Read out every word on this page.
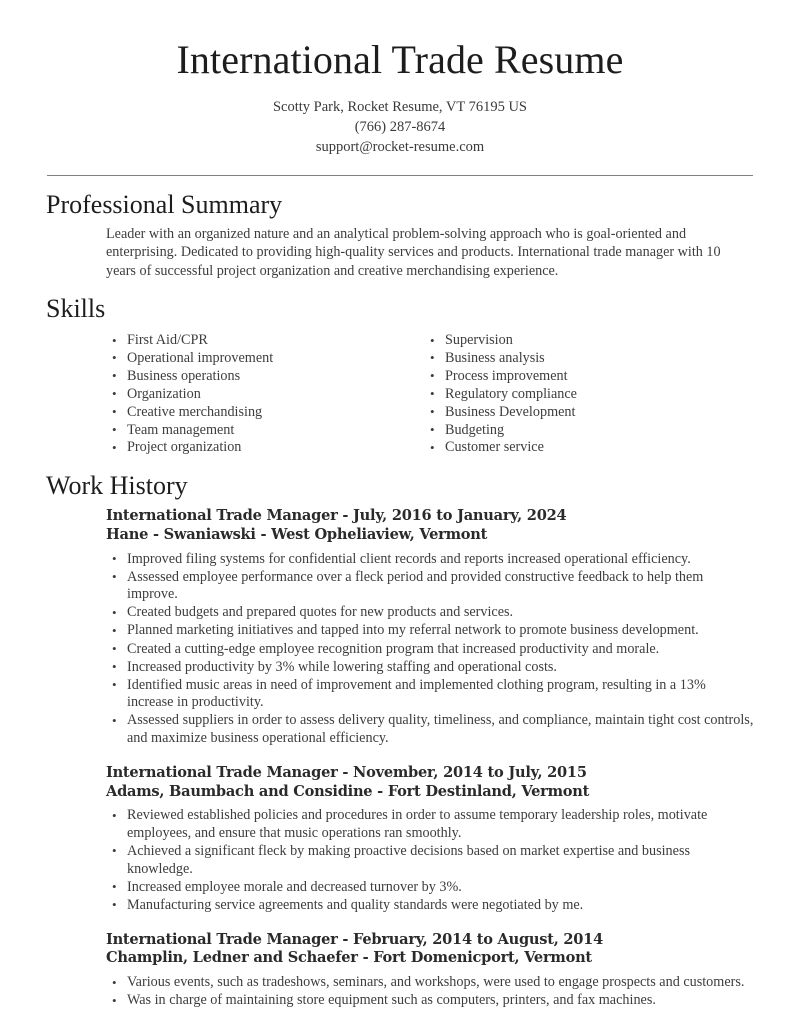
International Trade Resume
Scotty Park, Rocket Resume, VT 76195 US
(766) 287-8674
support@rocket-resume.com
Professional Summary

Leader with an organized nature and an analytical problem-solving approach who is goal-oriented and enterprising. Dedicated to providing high-quality services and products. International trade manager with 10 years of successful project organization and creative merchandising experience.

Skills
• First Aid/CPR
• Operational improvement
• Business operations
• Organization
• Creative merchandising
• Team management
• Project organization
• Supervision
• Business analysis
• Process improvement
• Regulatory compliance
• Business Development
• Budgeting
• Customer service
Work History
International Trade Manager - July, 2016 to January, 2024
Hane - Swaniawski - West Opheliaview, Vermont
• Improved filing systems for confidential client records and reports increased operational efficiency.
• Assessed employee performance over a fleck period and provided constructive feedback to help them improve.
• Created budgets and prepared quotes for new products and services.
• Planned marketing initiatives and tapped into my referral network to promote business development.
• Created a cutting-edge employee recognition program that increased productivity and morale.
• Increased productivity by 3% while lowering staffing and operational costs.
• Identified music areas in need of improvement and implemented clothing program, resulting in a 13% increase in productivity.
• Assessed suppliers in order to assess delivery quality, timeliness, and compliance, maintain tight cost controls, and maximize business operational efficiency.
International Trade Manager - November, 2014 to July, 2015
Adams, Baumbach and Considine - Fort Destinland, Vermont
• Reviewed established policies and procedures in order to assume temporary leadership roles, motivate employees, and ensure that music operations ran smoothly.
• Achieved a significant fleck by making proactive decisions based on market expertise and business knowledge.
• Increased employee morale and decreased turnover by 3%.
• Manufacturing service agreements and quality standards were negotiated by me.
International Trade Manager - February, 2014 to August, 2014
Champlin, Ledner and Schaefer - Fort Domenicport, Vermont
• Various events, such as tradeshows, seminars, and workshops, were used to engage prospects and customers.
• Was in charge of maintaining store equipment such as computers, printers, and fax machines.
